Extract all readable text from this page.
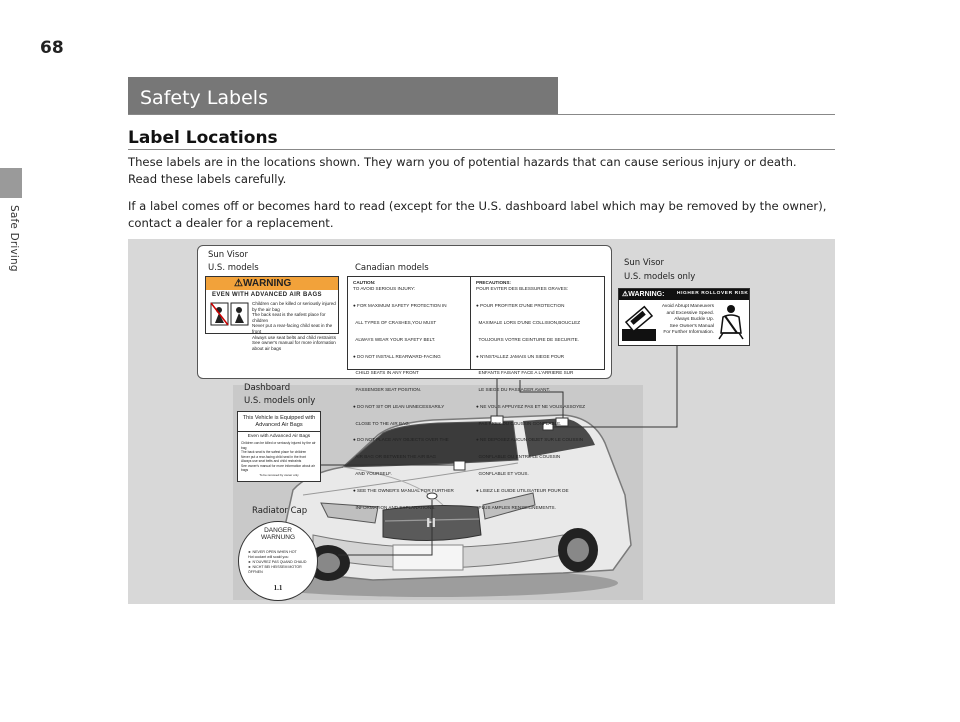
68
Safe Driving
Safety Labels
Label Locations
These labels are in the locations shown. They warn you of potential hazards that can cause serious injury or death. Read these labels carefully.
If a label comes off or becomes hard to read (except for the U.S. dashboard label which may be removed by the owner), contact a dealer for a replacement.
H
Sun Visor
U.S. models	Canadian models
⚠WARNING
EVEN WITH ADVANCED AIR BAGS
Children can be killed or seriously injured by the air bag
The back seat is the safest place for children
Never put a rear-facing child seat in the front
Always use seat belts and child restraints
See owner's manual for more information about air bags
CAUTION:
TO AVOID SERIOUS INJURY:

● FOR MAXIMUM SAFETY PROTECTION IN

ALL TYPES OF CRASHES,YOU MUST

ALWAYS WEAR YOUR SAFETY BELT.

● DO NOT INSTALL REARWARD-FACING

CHILD SEATS IN ANY FRONT

PASSENGER SEAT POSITION.

● DO NOT SIT OR LEAN UNNECESSARILY

CLOSE TO THE AIR BAG.

● DO NOT PLACE ANY OBJECTS OVER THE

AIR BAG OR BETWEEN THE AIR BAG

AND YOURSELF.

● SEE THE OWNER'S MANUAL FOR FURTHER

INFORMATION AND EXPLANATIONS.

PRECAUTIONS:
POUR EVITER DES BLESSURES GRAVES:

● POUR PROFITER D'UNE PROTECTION

MAXIMALE LORS D'UNE COLLISION,BOUCLEZ

TOUJOURS VOTRE CEINTURE DE SECURITE.

● N'INSTALLEZ JAMAIS UN SIEGE POUR

ENFANTS FAISANT FACE A L'ARRIERE SUR

LE SIEGE DU PASSAGER AVANT.

● NE VOUS APPUYEZ PAS ET NE VOUS ASSOYEZ

PAS PRES DU COUSSIN GONFLABLE.

● NE DEPOSEZ AUCUN OBJET SUR LE COUSSIN

GONFLABLE OU ENTRE LE COUSSIN

GONFLABLE ET VOUS.

● LISEZ LE GUIDE UTILISATEUR POUR DE

PLUS AMPLES RENSEIGNEMENTS.

Sun Visor
U.S. models only
⚠WARNING:	HIGHER ROLLOVER RISK
Avoid Abrupt Maneuvers
and Excessive Speed.
Always Buckle Up.
See Owner's Manual
For Further Information.
Dashboard
U.S. models only
This Vehicle is Equipped with
Advanced Air Bags
Even with Advanced Air Bags
Children can be killed or seriously injured by the air bag
The back seat is the safest place for children
Never put a rear-facing child seat in the front
Always use seat belts and child restraints
See owner's manual for more information about air bags
To be removed by owner only
Radiator Cap
DANGER
WARNUNG
► NEVER OPEN WHEN HOT
Hot coolant will scald you
► N'OUVREZ PAS QUAND CHAUD
► NICHT BEI HEISSEM MOTOR ÖFFNEN
1.1
